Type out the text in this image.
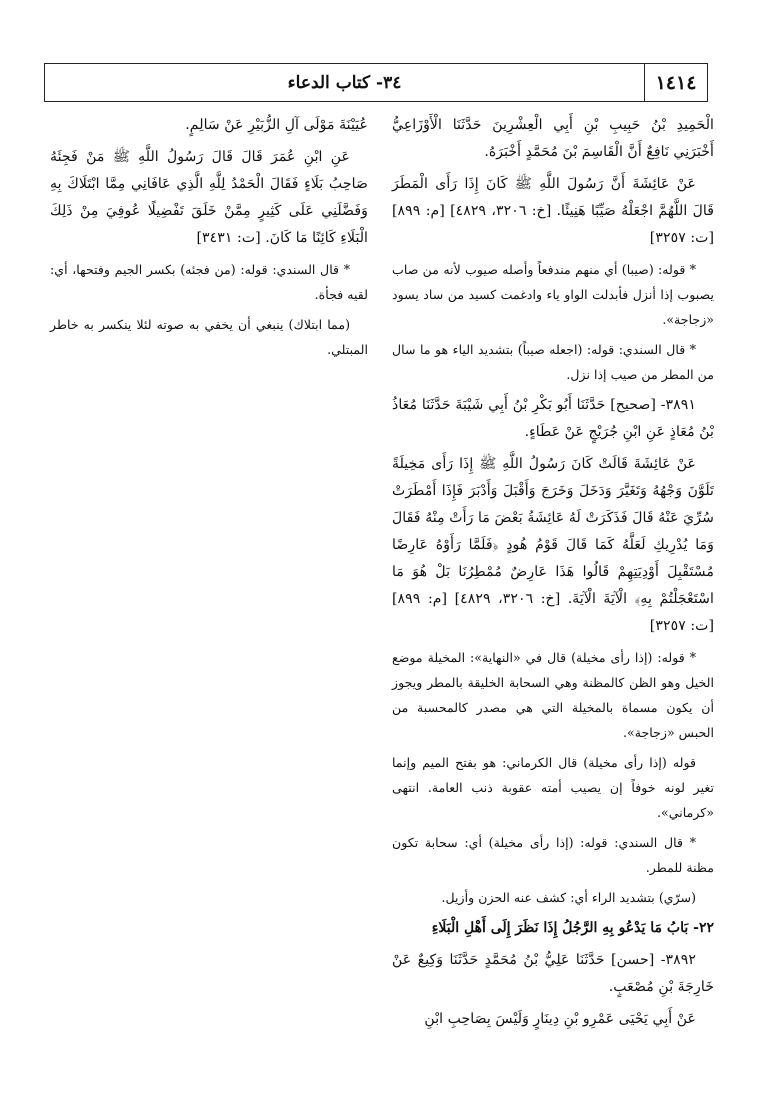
١٤١٤
٣٤- كتاب الدعاء

الْحَمِيدِ بْنُ حَبِيبِ بْنِ أَبِي الْعِشْرِينَ حَدَّثَنَا الْأَوْزَاعِيُّ أَخْبَرَنِي نَافِعٌ أَنَّ الْقَاسِمَ بْنَ مُحَمَّدٍ أَخْبَرَهُ.

عَنْ عَائِشَةَ أَنَّ رَسُولَ اللَّهِ ﷺ كَانَ إِذَا رَأَى الْمَطَرَ قَالَ اللَّهُمَّ اجْعَلْهُ صَيِّبًا هَنِيئًا. [خ: ٣٢٠٦، ٤٨٢٩] [م: ٨٩٩] [ت: ٣٢٥٧]

* قوله: (صيبا) أي منهم مندفعاً وأصله صيوب لأنه من صاب يصبوب إذا أنزل فأبدلت الواو ياء وادغمت كسيد من ساد يسود «زجاجة».

* قال السندي: قوله: (اجعله صيباً) بتشديد الياء هو ما سال من المطر من صيب إذا نزل.

٣٨٩١- [صحيح] حَدَّثَنَا أَبُو بَكْرِ بْنُ أَبِي شَيْبَةَ حَدَّثَنَا مُعَاذُ بْنُ مُعَاذٍ عَنِ ابْنِ جُرَيْجٍ عَنْ عَطَاءٍ.

عَنْ عَائِشَةَ قَالَتْ كَانَ رَسُولُ اللَّهِ ﷺ إِذَا رَأَى مَخِيلَةً تَلَوَّنَ وَجْهُهُ وَتَغَيَّرَ وَدَخَلَ وَخَرَجَ وَأَقْبَلَ وَأَدْبَرَ فَإِذَا أَمْطَرَتْ سُرِّيَ عَنْهُ قَالَ فَذَكَرَتْ لَهُ عَائِشَةُ بَعْضَ مَا رَأَتْ مِنْهُ فَقَالَ وَمَا يُدْرِيكِ لَعَلَّهُ كَمَا قَالَ قَوْمُ هُودٍ ﴿فَلَمَّا رَأَوْهُ عَارِضًا مُسْتَقْبِلَ أَوْدِيَتِهِمْ قَالُوا هَذَا عَارِضٌ مُمْطِرُنَا بَلْ هُوَ مَا اسْتَعْجَلْتُمْ بِهِ﴾ الْآيَةَ الْآيَةَ. [خ: ٣٢٠٦، ٤٨٢٩] [م: ٨٩٩] [ت: ٣٢٥٧]

* قوله: (إذا رأى مخيلة) قال في «النهاية»: المخيلة موضع الخيل وهو الظن كالمظنة وهي السحابة الخليقة بالمطر ويجوز أن يكون مسماة بالمخيلة التي هي مصدر كالمحسبة من الحبس «زجاجة».

قوله (إذا رأى مخيلة) قال الكرماني: هو بفتح الميم وإنما تغير لونه خوفاً إن يصيب أمته عقوبة ذنب العامة. انتهى «كرماني».

* قال السندي: قوله: (إذا رأى مخيلة) أي: سحابة تكون مظنة للمطر.

(سرّي) بتشديد الراء أي: كشف عنه الحزن وأزيل.

٢٢- بَابُ مَا يَدْعُو بِهِ الرَّجُلُ إِذَا نَظَرَ إِلَى أَهْلِ الْبَلَاءِ

٣٨٩٢- [حسن] حَدَّثَنَا عَلِيُّ بْنُ مُحَمَّدٍ حَدَّثَنَا وَكِيعٌ عَنْ خَارِجَةَ بْنِ مُصْعَبٍ.

عَنْ أَبِي يَحْيَى عَمْرِو بْنِ دِينَارٍ وَلَيْسَ بِصَاحِبِ ابْنِ

عُيَيْنَةَ مَوْلَى آلِ الزُّبَيْرِ عَنْ سَالِمٍ.

عَنِ ابْنِ عُمَرَ قَالَ قَالَ رَسُولُ اللَّهِ ﷺ مَنْ فَجِئَهُ صَاحِبُ بَلَاءٍ فَقَالَ الْحَمْدُ لِلَّهِ الَّذِي عَافَانِي مِمَّا ابْتَلَاكَ بِهِ وَفَضَّلَنِي عَلَى كَثِيرٍ مِمَّنْ خَلَقَ تَفْضِيلًا عُوفِيَ مِنْ ذَلِكَ الْبَلَاءِ كَائِنًا مَا كَانَ. [ت: ٣٤٣١]

* قال السندي: قوله: (من فجئه) بكسر الجيم وفتحها، أي: لقيه فجأة.

(مما ابتلاك) ينبغي أن يخفي به صوته لئلا ينكسر به خاطر المبتلي.
